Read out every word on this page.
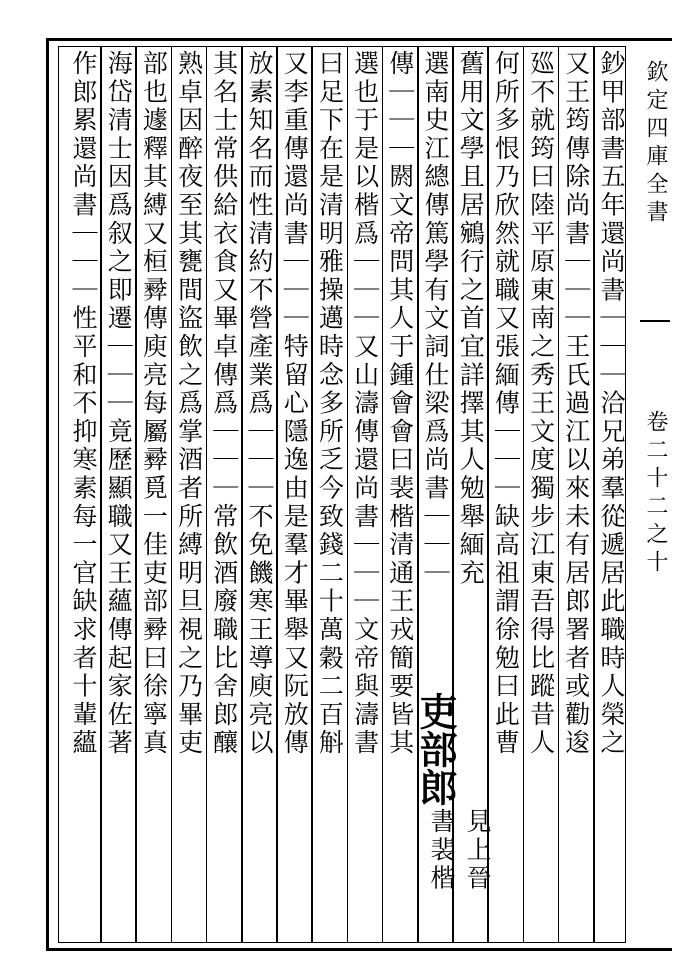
欽定四庫全書
卷二十二之十
鈔甲部書五年還尚書｜｜｜洽兄弟羣從遞居此職時人榮之
又王筠傳除尚書｜｜｜王氏過江以來未有居郎署者或勸逡
廵不就筠曰陸平原東南之秀王文度獨步江東吾得比蹤昔人
何所多恨乃欣然就職又張緬傳｜｜｜缺高祖謂徐勉曰此曹
舊用文學且居鵷行之首宜詳擇其人勉舉緬充
選南史江總傳篤學有文詞仕梁爲尚書｜｜｜
傳｜｜｜閼文帝問其人于鍾會會曰裴楷清通王戎簡要皆其
選也于是以楷爲｜｜｜又山濤傳還尚書｜｜｜文帝與濤書
曰足下在是清明雅操邁時念多所乏今致錢二十萬穀二百斛
又李重傳還尚書｜｜｜特留心隱逸由是羣才畢舉又阮放傳
放素知名而性清約不營產業爲｜｜｜不免饑寒王導庾亮以
其名士常供給衣食又畢卓傳爲｜｜｜常飲酒廢職比舍郎釀
熟卓因醉夜至其甕間盜飲之爲掌酒者所縛明旦視之乃畢吏
部也遽釋其縛又桓彛傳庾亮每屬彛覓一佳吏部彛曰徐寧真
海岱清士因爲叙之即遷｜｜｜竟歷顯職又王蘊傳起家佐著
作郎累還尚書｜｜｜性平和不抑寒素每一官缺求者十輩蘊	吏部郎
見上晉
書裴楷
